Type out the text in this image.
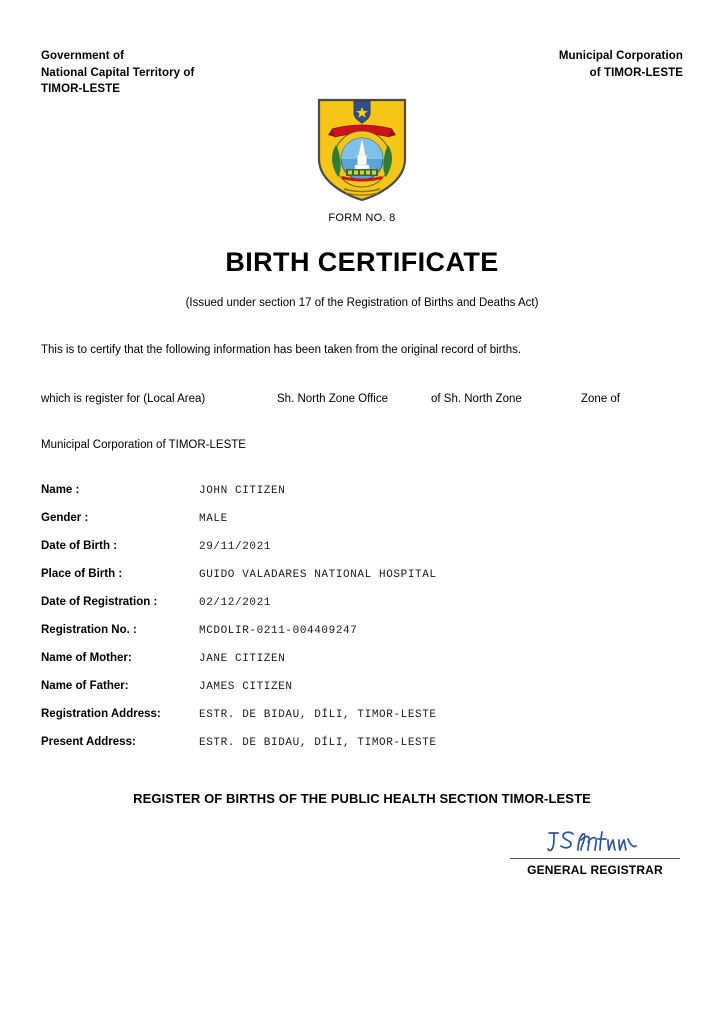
Government of
National Capital Territory of
TIMOR-LESTE
Municipal Corporation
of TIMOR-LESTE
FORM NO. 8
BIRTH CERTIFICATE
(Issued under section 17 of the Registration of Births and Deaths Act)
This is to certify that the following information has been taken from the original record of births.
which is register for (Local Area)	Sh. North Zone Office	of Sh. North Zone	Zone of
Municipal Corporation of TIMOR-LESTE
Name :	JOHN CITIZEN
Gender :	MALE
Date of Birth :	29/11/2021
Place of Birth :	GUIDO VALADARES NATIONAL HOSPITAL
Date of Registration :	02/12/2021
Registration No. :	MCDOLIR-0211-004409247
Name of Mother:	JANE CITIZEN
Name of Father:	JAMES CITIZEN
Registration Address:	ESTR. DE BIDAU, DÍLI, TIMOR-LESTE
Present Address:	ESTR. DE BIDAU, DÍLI, TIMOR-LESTE
REGISTER OF BIRTHS OF THE PUBLIC HEALTH SECTION TIMOR-LESTE
GENERAL REGISTRAR
